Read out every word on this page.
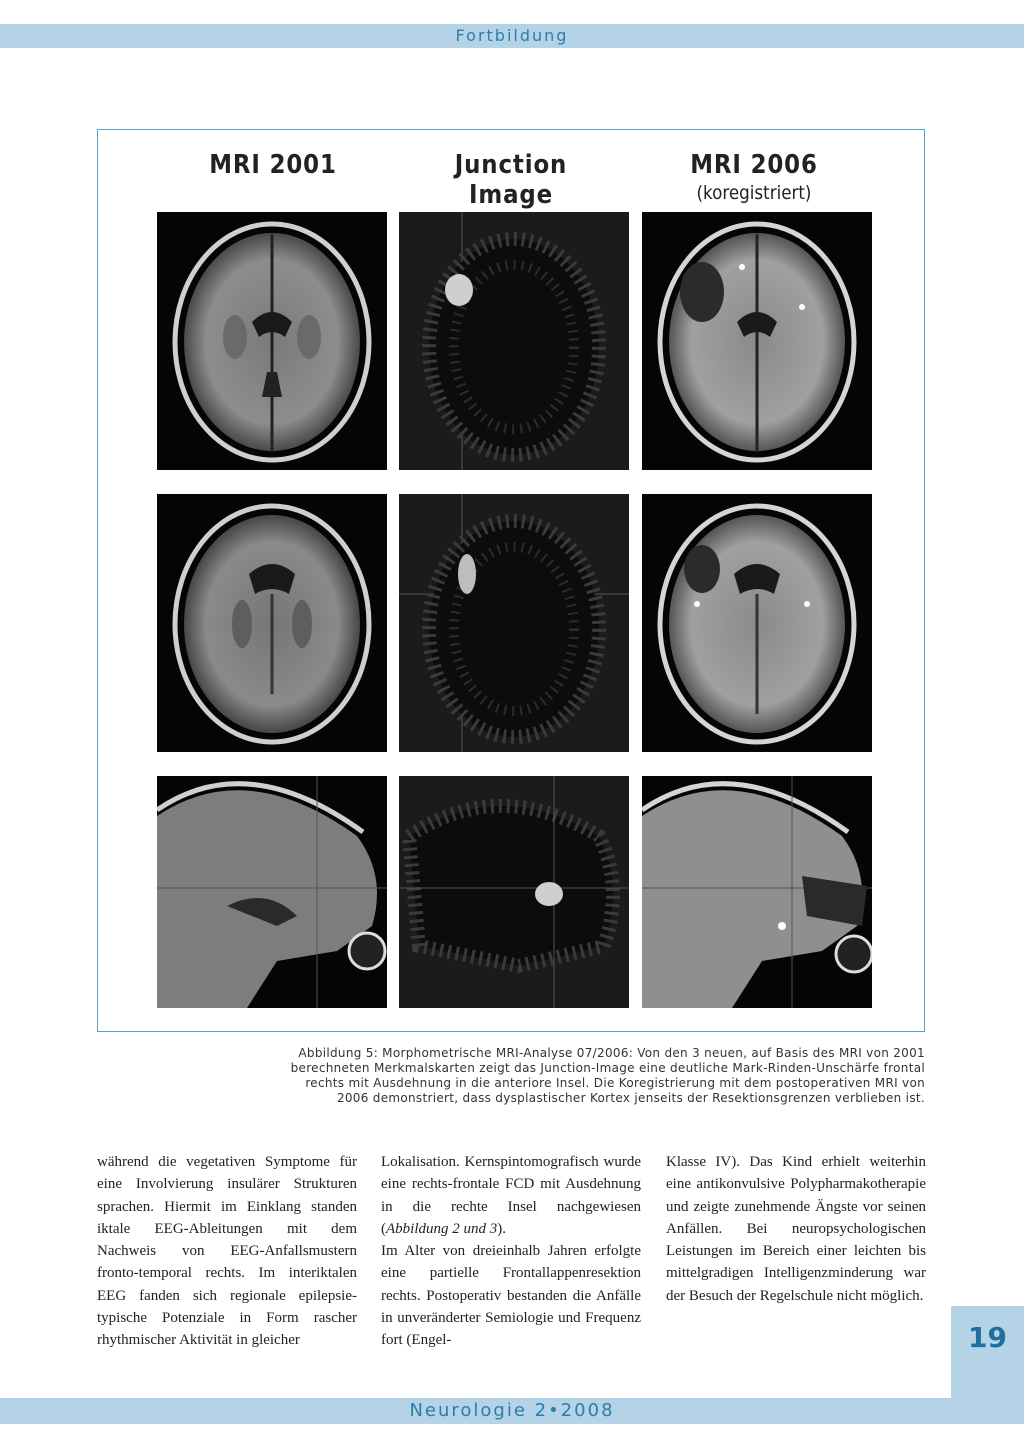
Fortbildung
MRI 2001	Junction Image
MRI 2006
(koregistriert)
Abbildung 5: Morphometrische MRI-Analyse 07/2006: Von den 3 neuen, auf Basis des MRI von 2001
berechneten Merkmalskarten zeigt das Junction-Image eine deutliche Mark-Rinden-Unschärfe frontal
rechts mit Ausdehnung in die anteriore Insel. Die Koregistrierung mit dem postoperativen MRI von
2006 demonstriert, dass dysplastischer Kortex jenseits der Resektionsgrenzen verblieben ist.

während die vegetativen Symptome für eine Involvierung insulärer Strukturen sprachen. Hiermit im Einklang standen iktale EEG-Ableitungen mit dem Nachweis von EEG-Anfallsmustern fronto-temporal rechts. Im interiktalen EEG fanden sich regionale epilepsietypische Potenziale in Form rascher rhythmischer Aktivität in gleicher

Lokalisation. Kernspintomografisch wurde eine rechts-frontale FCD mit Ausdehnung in die rechte Insel nachgewiesen (Abbildung 2 und 3).

Im Alter von dreieinhalb Jahren erfolgte eine partielle Frontallappenresektion rechts. Postoperativ bestanden die Anfälle in unveränderter Semiologie und Frequenz fort (Engel-

Klasse IV). Das Kind erhielt weiterhin eine antikonvulsive Polypharmakotherapie und zeigte zunehmende Ängste vor seinen Anfällen. Bei neuropsychologischen Leistungen im Bereich einer leichten bis mittelgradigen Intelligenzminderung war der Besuch der Regelschule nicht möglich.

19
Neurologie 2•2008
